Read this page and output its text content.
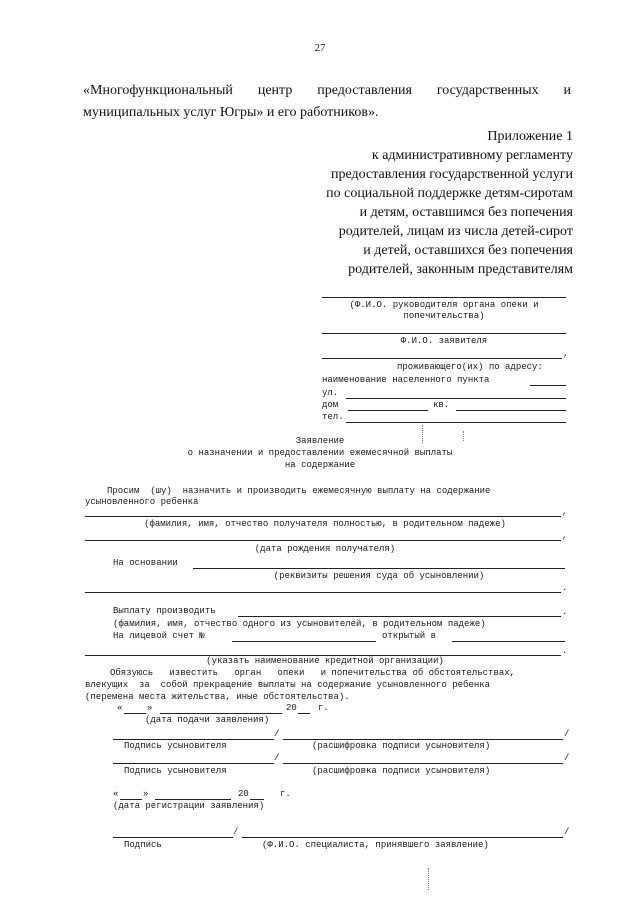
27
«Многофункциональный центр предоставления государственных и
муниципальных услуг Югры» и его работников».
Приложение 1
к административному регламенту
предоставления государственной услуги
по социальной поддержке детям-сиротам
и детям, оставшимся без попечения
родителей, лицам из числа детей-сирот
и детей, оставшихся без попечения
родителей, законным представителям
(Ф.И.О. руководителя органа опеки и
попечительства)
Ф.И.О. заявителя
,
проживающего(их) по адресу:
наименование населенного пункта
ул.
дом	кв.
тел.
Заявление
о назначении и предоставлении ежемесячной выплаты
на содержание
Просим  (шу)  назначить и производить ежемесячную выплату на содержание
усыновленного ребенка
,
(фамилия, имя, отчество получателя полностью, в родительном падеже)
,
(дата рождения получателя)
На основании
(реквизиты решения суда об усыновлении)
.
Выплату производить	.
(фамилия, имя, отчество одного из усыновителей, в родительном падеже)
На лицевой счет №	открытый в
.
(указать наименование кредитной организации)
Обязуюсь   известить   орган   опеки   и попечительства об обстоятельствах,
влекущих  за  собой прекращение выплаты на содержание усыновленного ребенка
(перемена места жительства, иные обстоятельства).
«	»	20 г.
(дата подачи заявления)
/	/
Подпись усыновителя	(расшифровка подписи усыновителя)
/	/
Подпись усыновителя	(расшифровка подписи усыновителя)
«	»	20	г.
(дата регистрации заявления)
/	/
Подпись	(Ф.И.О. специалиста, принявшего заявление)
